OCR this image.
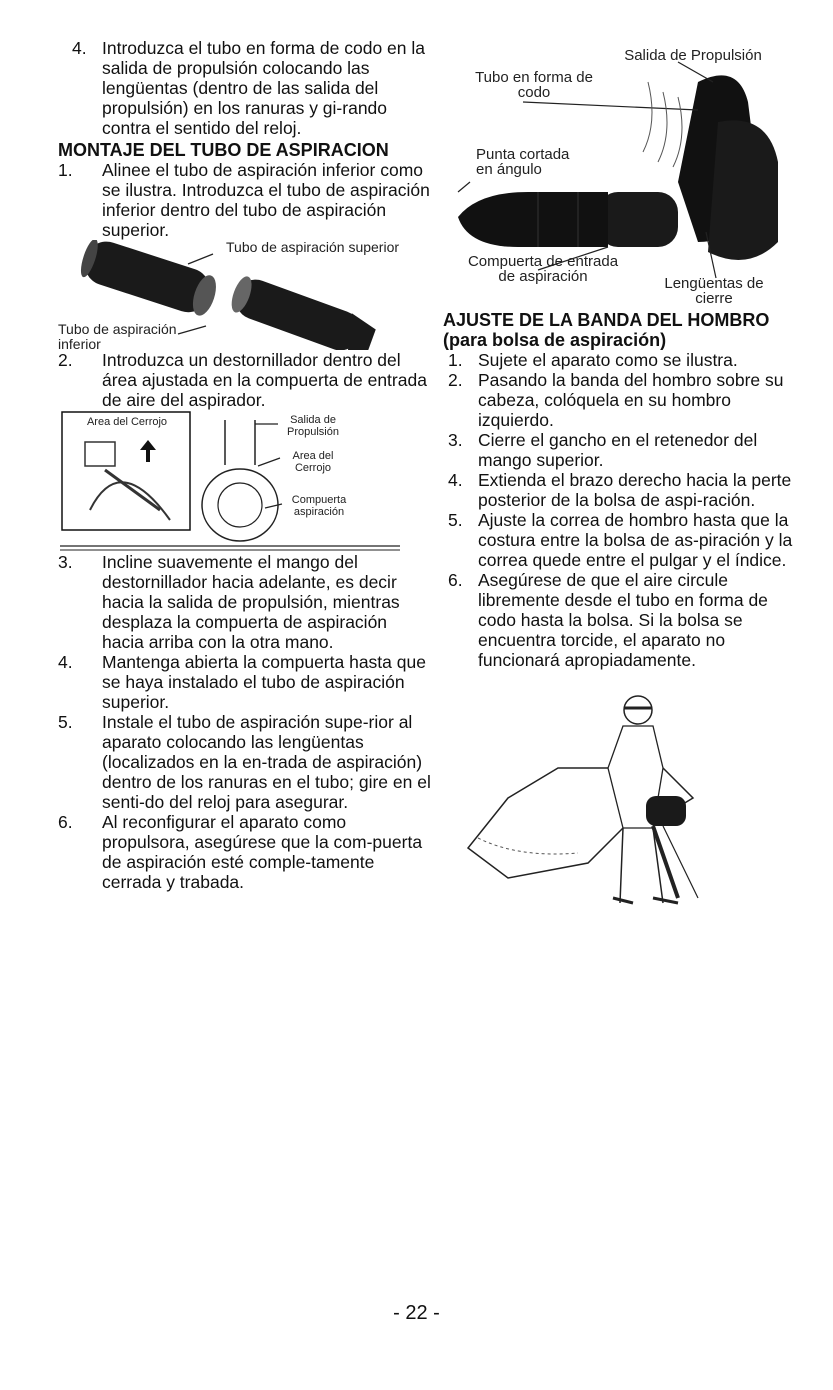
4. Introduzca el tubo en forma de codo en la salida de propulsión colocando las lengüentas (dentro de las salida del propulsión) en los ranuras y gi-rando contra el sentido del reloj.
MONTAJE DEL TUBO DE ASPIRACION
1. Alinee el tubo de aspiración inferior como se ilustra. Introduzca el tubo de aspiración inferior dentro del tubo de aspiración superior.
Tubo de aspiración superior
Tubo de aspiración inferior
2. Introduzca un destornillador dentro del área ajustada en la compuerta de entrada de aire del aspirador.
Area del Cerrojo	Salida de Propulsión
Area del Cerrojo
Compuerta aspiración
3. Incline suavemente el mango del destornillador hacia adelante, es decir hacia la salida de propulsión, mientras desplaza la compuerta de aspiración hacia arriba con la otra mano.
4. Mantenga abierta la compuerta hasta que se haya instalado el tubo de aspiración superior.
5. Instale el tubo de aspiración supe-rior al aparato colocando las lengüentas (localizados en la en-trada de aspiración) dentro de los ranuras en el tubo; gire en el senti-do del reloj para asegurar.
6. Al reconfigurar el aparato como propulsora, asegúrese que la com-puerta de aspiración esté comple-tamente cerrada y trabada.
Salida de Propulsión
Tubo en forma de codo
Punta cortada en ángulo
Compuerta de entrada de aspiración	Lengüentas de cierre
AJUSTE DE LA BANDA DEL HOMBRO
(para bolsa de aspiración)
1. Sujete el aparato como se ilustra.
2. Pasando la banda del hombro sobre su cabeza, colóquela en su hombro izquierdo.
3. Cierre el gancho en el retenedor del mango superior.
4. Extienda el brazo derecho hacia la perte posterior de la bolsa de aspi-ración.
5. Ajuste la correa de hombro hasta que la costura entre la bolsa de as-piración y la correa quede entre el pulgar y el índice.
6. Asegúrese de que el aire circule libremente desde el tubo en forma de codo hasta la bolsa. Si la bolsa se encuentra torcide, el aparato no funcionará apropiadamente.
- 22 -
